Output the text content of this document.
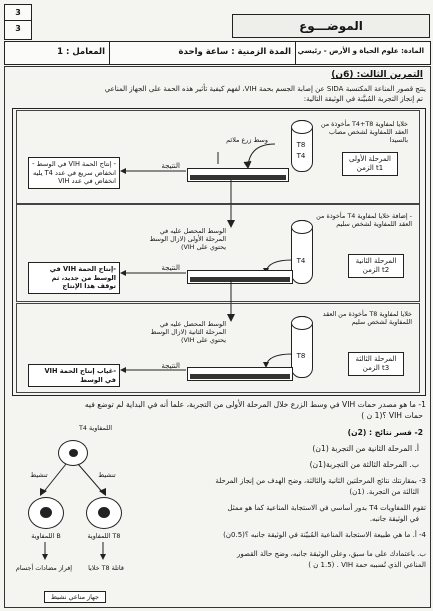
3
3	الموضـــوع
المادة: علوم الحياة و الأرض - رئيسي
المدة الزمنية : ساعة واحدة
المعامل : 1
التمرين الثالث: (6ن)
ينتج قصور المناعة المكتسبة SIDA عن إصابة الجسم بحمة VIH، لفهم كيفية تأثير هذه الحمة على الجهاز المناعي
تم إنجاز التجربة المُبيَّنة في الوثيقة التالية:
T8
T4
خلايا لمفاوية T4+T8 مأخوذة من العقد اللمفاوية لشخص مصاب بالسيدا
وسط زرع ملائم
النتيجة
- إنتاج الحمة VIH في الوسط - انخفاض سريع في عدد T4 يليه انخفاض في عدد VIH
المرحلة الأولى الزمن t1
T4
- إضافة خلايا لمفاوية T4 مأخوذة من العقد اللمفاوية لشخص سليم
الوسط المحصل عليه في المرحلة الأولى (لازال الوسط يحتوي على VIH)
النتيجة
-إنتاج الحمة VIH في الوسط من جديد، ثم توقف هذا الإنتاج
المرحلة الثانية الزمن t2
T8
خلايا لمفاوية T8 مأخوذة من العقد اللمفاوية لشخص سليم
الوسط المحصل عليه في المرحلة الثانية (لازال الوسط يحتوي على VIH)
النتيجة
-غياب إنتاج الحمة VIH في الوسط
المرحلة الثالثة الزمن t3
1- ما هو مصدر حمات VIH في وسط الزرع خلال المرحلة الأولى من التجربة، علما أنه في البداية لم توضع فيه
حمات VIH ؟(1 ن )
2- فسر نتائج : (2ن)
أ. المرحلة الثانية من التجربة (1ن)
ب. المرحلة الثالثة من التجربة(1ن)
3- بمقارنتك نتائج المرحلتين الثانية والثالثة، وضح الهدف من إنجاز المرحلة
الثالثة من التجربة. (1ن)
تقوم اللمفاويات T4 بدور أساسي في الاستجابة المناعية كما هو ممثل
في الوثيقة جانبه.
4- أ. ما هي طبيعة الاستجابة المناعية المُبيّنة في الوثيقة جانبه ؟(0.5ن)
ب. باعتمادك على ما سبق، وعلى الوثيقة جانبه، وضح حالة القصور
المناعي الذي تُسببه حمة VIH . (1.5 ن )
اللمفاوية T4
تنشيط	تنشيط
اللمفاوية B	اللمفاوية T8
إفراز مضادات أجسام	خلايا T8 قاتلة
جهاز مناعي نشيط
